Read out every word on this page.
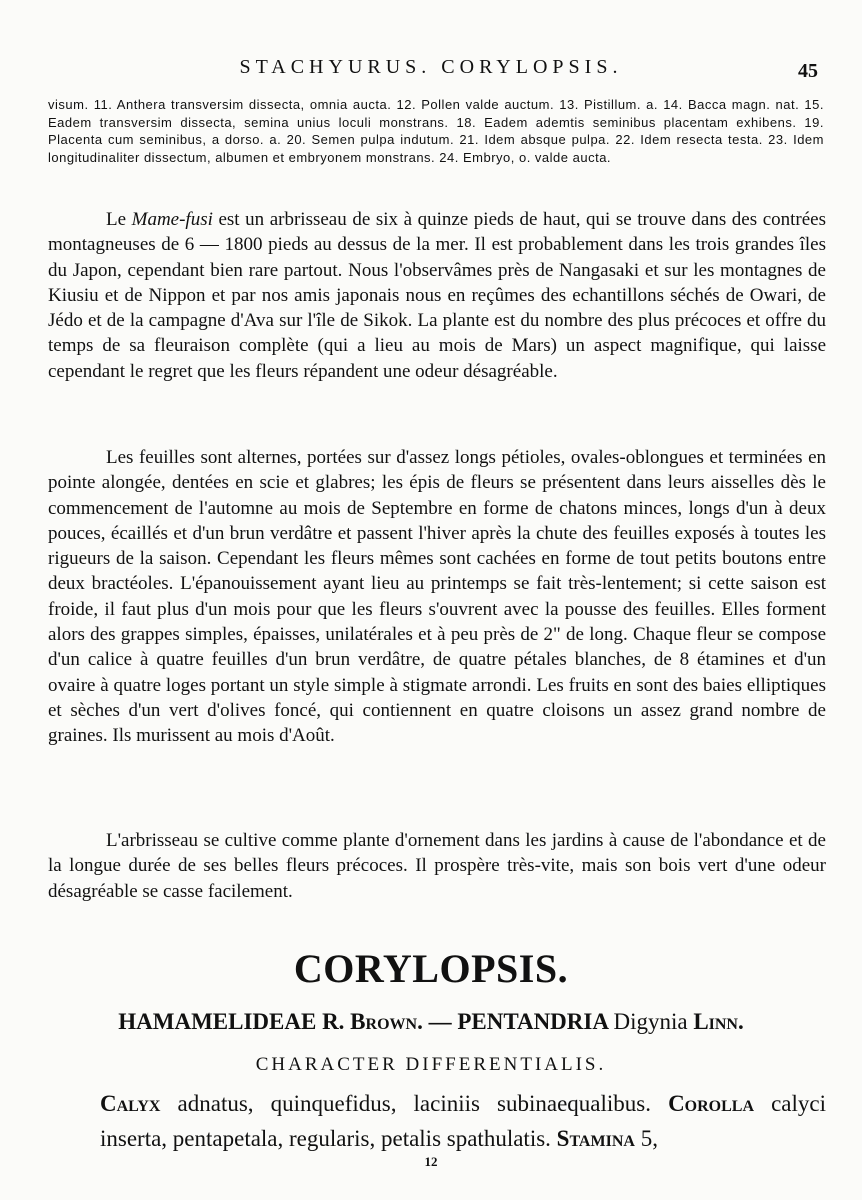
STACHYURUS. CORYLOPSIS.	45
visum. 11. Anthera transversim dissecta, omnia aucta. 12. Pollen valde auctum. 13. Pistillum. a. 14. Bacca magn. nat. 15. Eadem transversim dissecta, semina unius loculi monstrans. 18. Eadem ademtis seminibus placentam exhibens. 19. Placenta cum seminibus, a dorso. a. 20. Semen pulpa indutum. 21. Idem absque pulpa. 22. Idem resecta testa. 23. Idem longitudinaliter dissectum, albumen et embryonem monstrans. 24. Embryo, o. valde aucta.

Le Mame-fusi est un arbrisseau de six à quinze pieds de haut, qui se trouve dans des contrées montagneuses de 6 — 1800 pieds au dessus de la mer. Il est probablement dans les trois grandes îles du Japon, cependant bien rare partout. Nous l'observâmes près de Nangasaki et sur les montagnes de Kiusiu et de Nippon et par nos amis japonais nous en reçûmes des echantillons séchés de Owari, de Jédo et de la campagne d'Ava sur l'île de Sikok. La plante est du nombre des plus précoces et offre du temps de sa fleuraison complète (qui a lieu au mois de Mars) un aspect magnifique, qui laisse cependant le regret que les fleurs répandent une odeur désagréable.

Les feuilles sont alternes, portées sur d'assez longs pétioles, ovales-oblongues et terminées en pointe alongée, dentées en scie et glabres; les épis de fleurs se présentent dans leurs aisselles dès le commencement de l'automne au mois de Septembre en forme de chatons minces, longs d'un à deux pouces, écaillés et d'un brun verdâtre et passent l'hiver après la chute des feuilles exposés à toutes les rigueurs de la saison. Cependant les fleurs mêmes sont cachées en forme de tout petits boutons entre deux bractéoles. L'épanouissement ayant lieu au printemps se fait très-lentement; si cette saison est froide, il faut plus d'un mois pour que les fleurs s'ouvrent avec la pousse des feuilles. Elles forment alors des grappes simples, épaisses, unilatérales et à peu près de 2" de long. Chaque fleur se compose d'un calice à quatre feuilles d'un brun verdâtre, de quatre pétales blanches, de 8 étamines et d'un ovaire à quatre loges portant un style simple à stigmate arrondi. Les fruits en sont des baies elliptiques et sèches d'un vert d'olives foncé, qui contiennent en quatre cloisons un assez grand nombre de graines. Ils murissent au mois d'Août.

L'arbrisseau se cultive comme plante d'ornement dans les jardins à cause de l'abondance et de la longue durée de ses belles fleurs précoces. Il prospère très-vite, mais son bois vert d'une odeur désagréable se casse facilement.

CORYLOPSIS.
HAMAMELIDEAE R. Brown. — PENTANDRIA Digynia Linn.
CHARACTER DIFFERENTIALIS.
Calyx adnatus, quinquefidus, laciniis subinaequalibus. Corolla calyci inserta, pentapetala, regularis, petalis spathulatis. Stamina 5,
12
